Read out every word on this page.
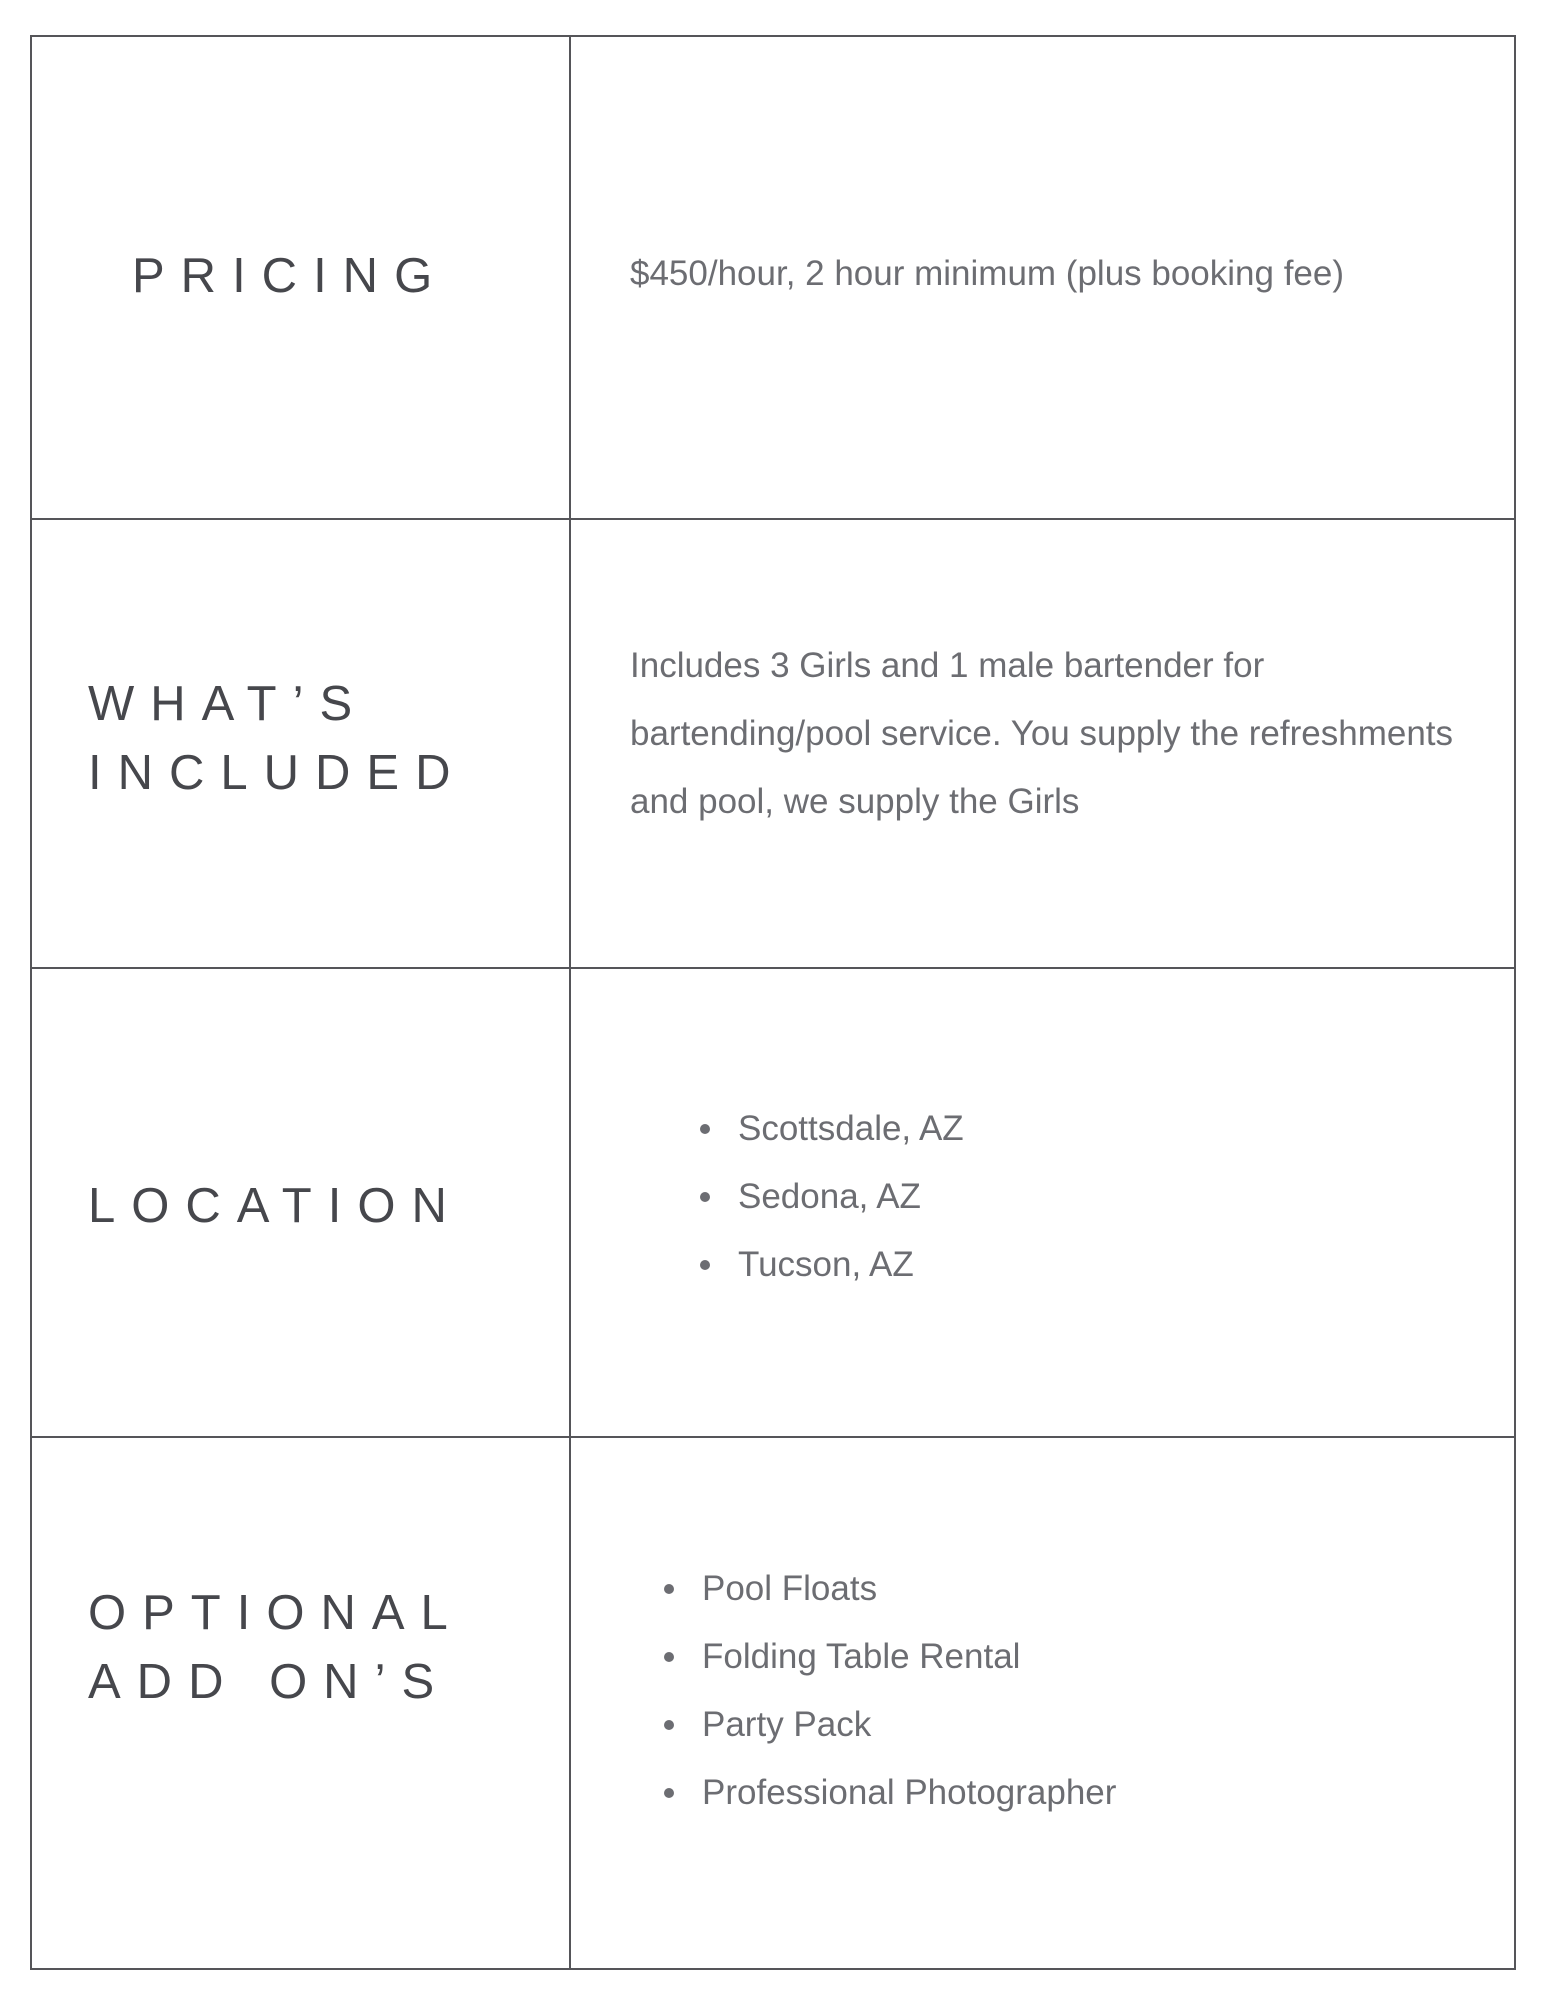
PRICING	$450/hour, 2 hour minimum (plus booking fee)

WHAT’S
INCLUDED

Includes 3 Girls and 1 male bartender for bartending/pool service. You supply the refreshments and pool, we supply the Girls

LOCATION
Scottsdale, AZ
Sedona, AZ
Tucson, AZ
OPTIONAL
ADD ON’S
Pool Floats
Folding Table Rental
Party Pack
Professional Photographer
